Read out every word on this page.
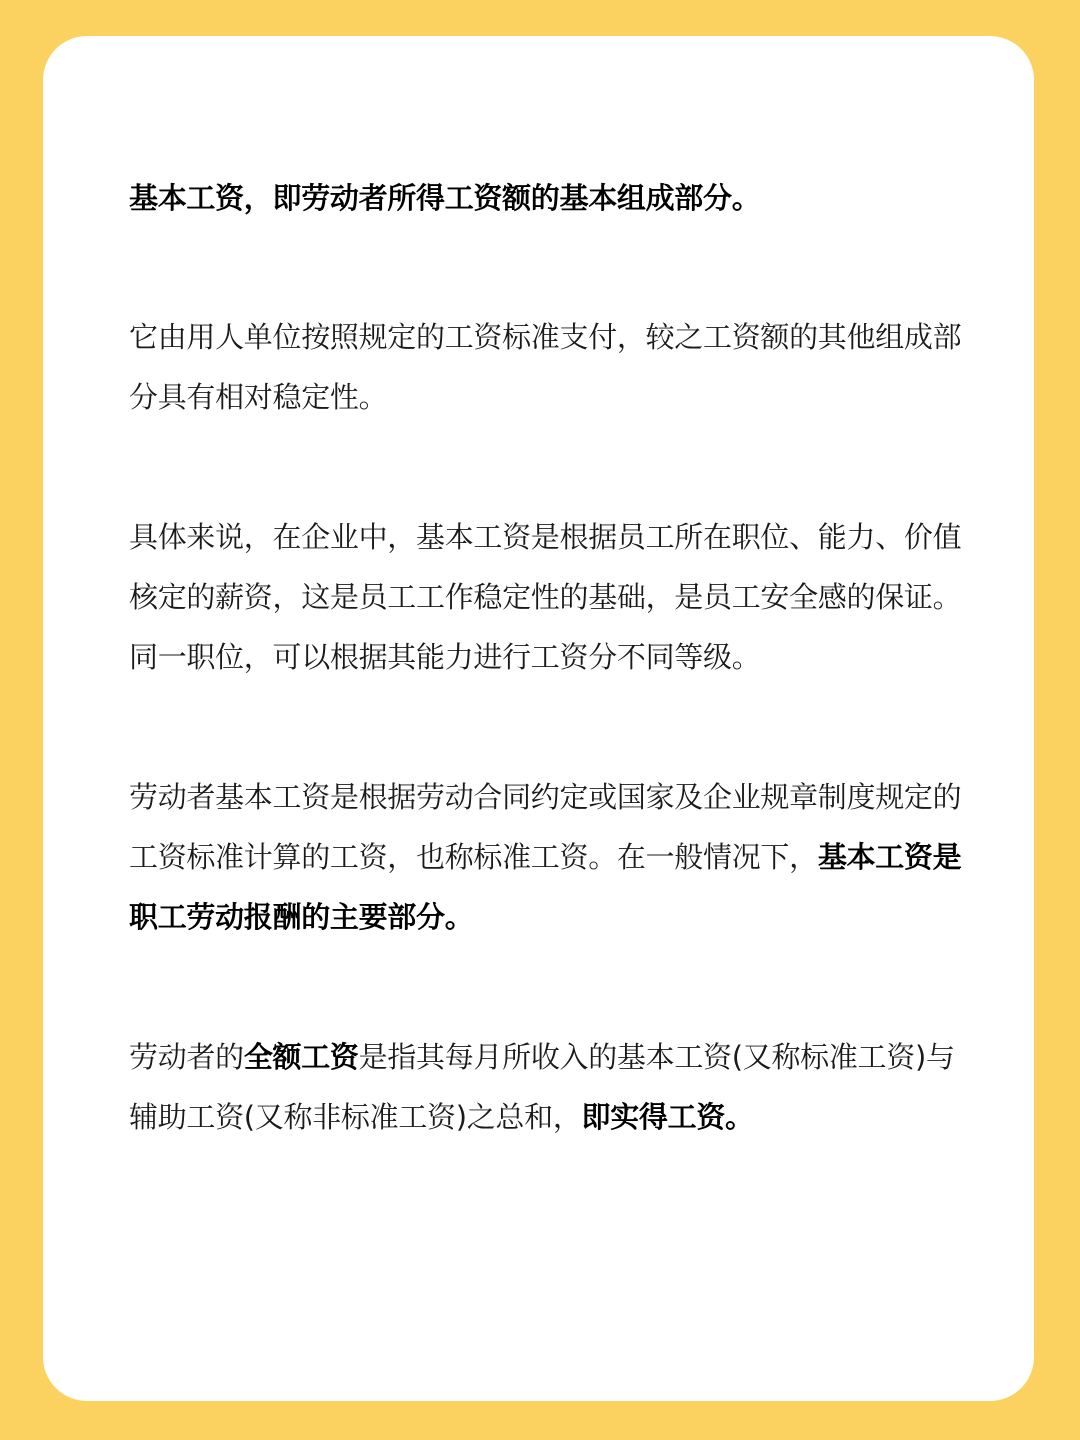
基本工资，即劳动者所得工资额的基本组成部分。

它由用人单位按照规定的工资标准支付，较之工资额的其他组成部分具有相对稳定性。

具体来说，在企业中，基本工资是根据员工所在职位、能力、价值核定的薪资，这是员工工作稳定性的基础，是员工安全感的保证。同一职位，可以根据其能力进行工资分不同等级。

劳动者基本工资是根据劳动合同约定或国家及企业规章制度规定的工资标准计算的工资，也称标准工资。在一般情况下，基本工资是职工劳动报酬的主要部分。

劳动者的全额工资是指其每月所收入的基本工资(又称标准工资)与辅助工资(又称非标准工资)之总和，即实得工资。
